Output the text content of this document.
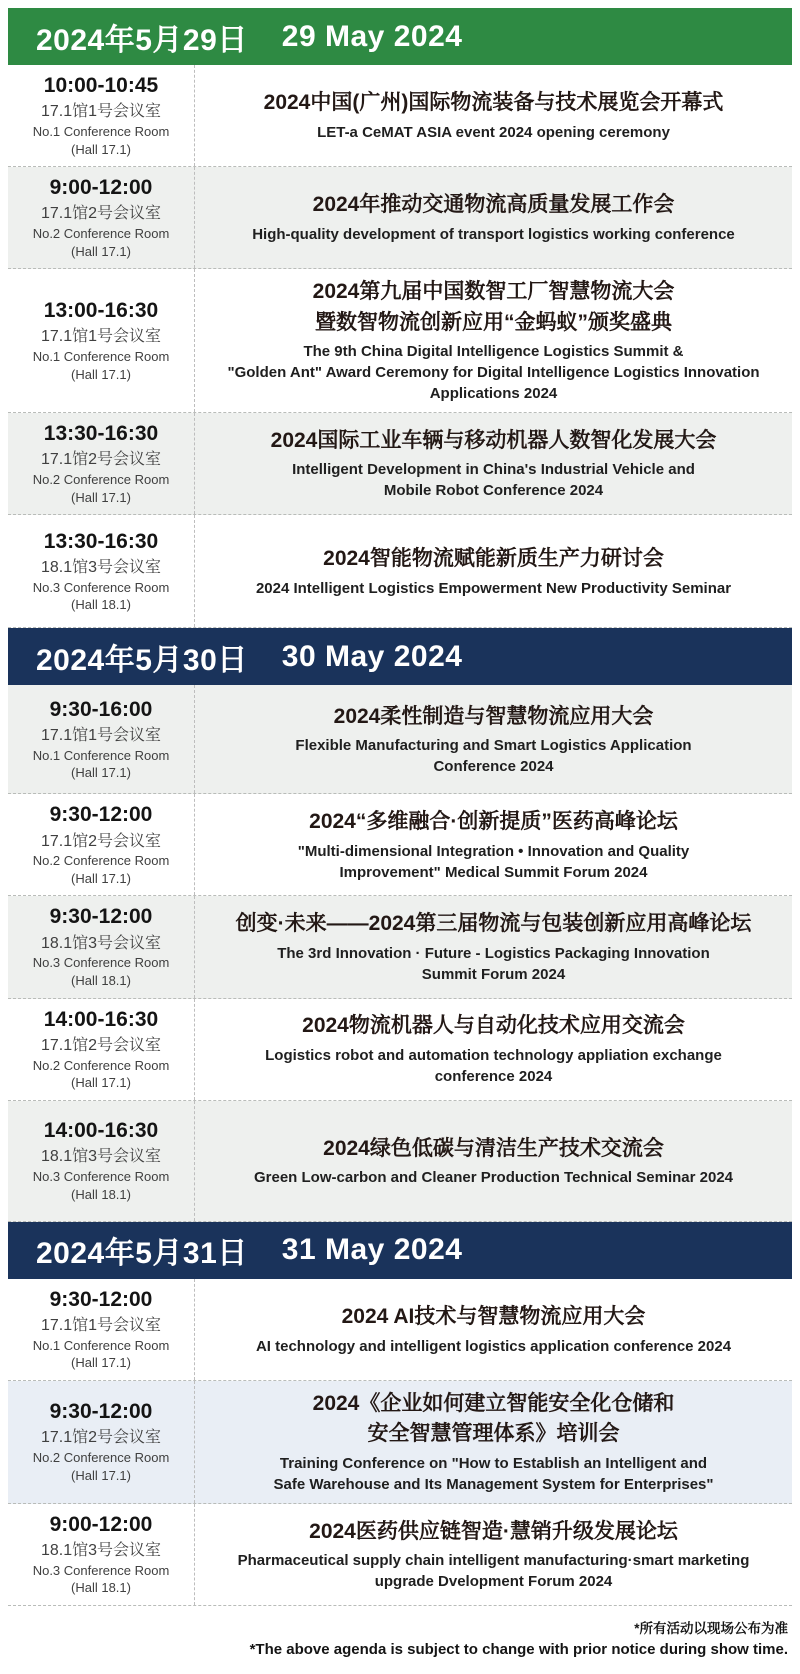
2024年5月29日 29 May 2024
10:00-10:45
17.1馆1号会议室
No.1 Conference Room
(Hall 17.1)
2024中国(广州)国际物流装备与技术展览会开幕式
LET-a CeMAT ASIA event 2024 opening ceremony
9:00-12:00
17.1馆2号会议室
No.2 Conference Room
(Hall 17.1)
2024年推动交通物流高质量发展工作会
High-quality development of transport logistics working conference
13:00-16:30
17.1馆1号会议室
No.1 Conference Room
(Hall 17.1)
2024第九届中国数智工厂智慧物流大会
暨数智物流创新应用“金蚂蚁”颁奖盛典
The 9th China Digital Intelligence Logistics Summit &
"Golden Ant" Award Ceremony for Digital Intelligence Logistics Innovation
Applications 2024
13:30-16:30
17.1馆2号会议室
No.2 Conference Room
(Hall 17.1)
2024国际工业车辆与移动机器人数智化发展大会
Intelligent Development in China's Industrial Vehicle and
Mobile Robot Conference 2024
13:30-16:30
18.1馆3号会议室
No.3 Conference Room
(Hall 18.1)
2024智能物流赋能新质生产力研讨会
2024 Intelligent Logistics Empowerment New Productivity Seminar
2024年5月30日 30 May 2024
9:30-16:00
17.1馆1号会议室
No.1 Conference Room
(Hall 17.1)
2024柔性制造与智慧物流应用大会
Flexible Manufacturing and Smart Logistics Application
Conference 2024
9:30-12:00
17.1馆2号会议室
No.2 Conference Room
(Hall 17.1)
2024“多维融合·创新提质”医药高峰论坛
"Multi-dimensional Integration • Innovation and Quality
Improvement" Medical Summit Forum 2024
9:30-12:00
18.1馆3号会议室
No.3 Conference Room
(Hall 18.1)
创变·未来——2024第三届物流与包装创新应用高峰论坛
The 3rd Innovation · Future - Logistics Packaging Innovation
Summit Forum 2024
14:00-16:30
17.1馆2号会议室
No.2 Conference Room
(Hall 17.1)
2024物流机器人与自动化技术应用交流会
Logistics robot and automation technology appliation exchange
conference 2024
14:00-16:30
18.1馆3号会议室
No.3 Conference Room
(Hall 18.1)
2024绿色低碳与清洁生产技术交流会
Green Low-carbon and Cleaner Production Technical Seminar 2024
2024年5月31日 31 May 2024
9:30-12:00
17.1馆1号会议室
No.1 Conference Room
(Hall 17.1)
2024 AI技术与智慧物流应用大会
AI technology and intelligent logistics application conference 2024
9:30-12:00
17.1馆2号会议室
No.2 Conference Room
(Hall 17.1)
2024《企业如何建立智能安全化仓储和
安全智慧管理体系》培训会
Training Conference on "How to Establish an Intelligent and
Safe Warehouse and Its Management System for Enterprises"
9:00-12:00
18.1馆3号会议室
No.3 Conference Room
(Hall 18.1)
2024医药供应链智造·慧销升级发展论坛
Pharmaceutical supply chain intelligent manufacturing·smart marketing
upgrade Dvelopment Forum 2024
*所有活动以现场公布为准
*The above agenda is subject to change with prior notice during show time.
